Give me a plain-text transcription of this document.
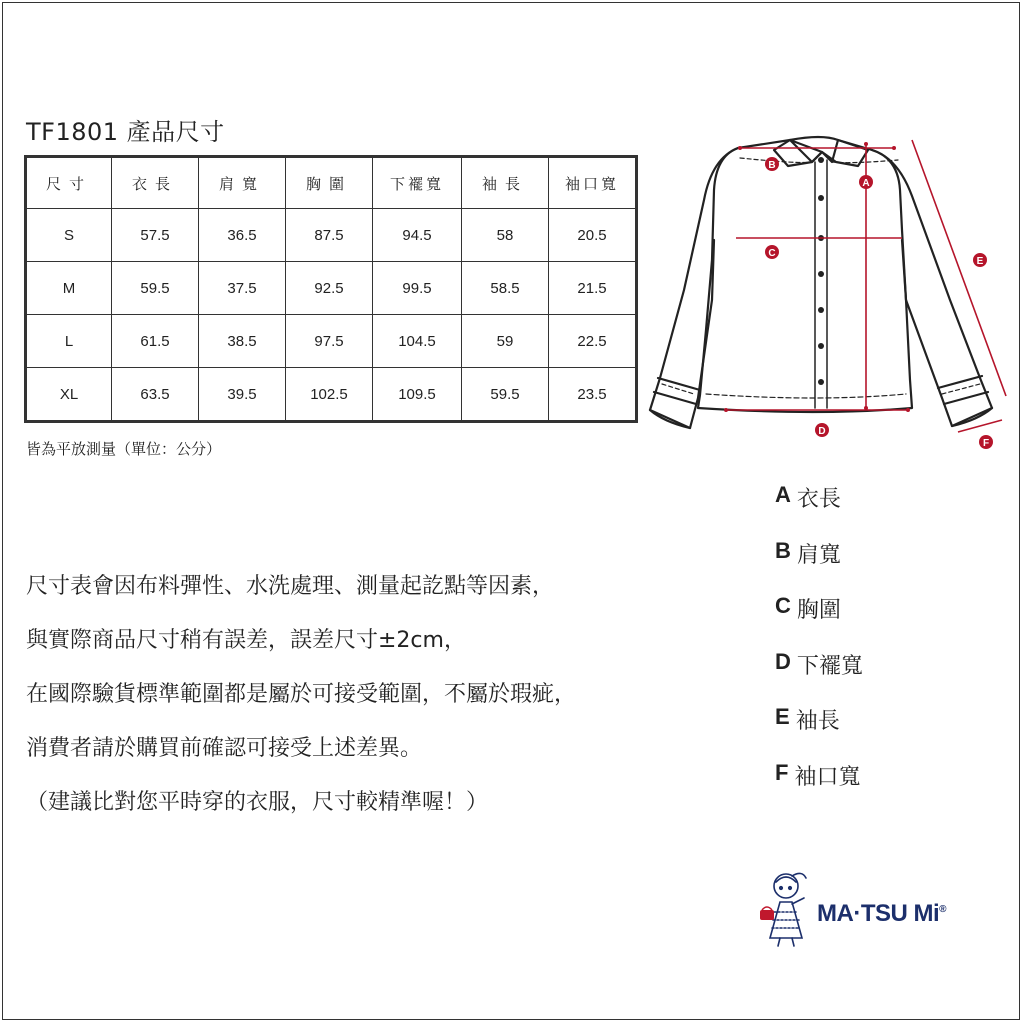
TF1801 產品尺寸
尺寸	衣長	肩寬	胸圍	下襬寬	袖長	袖口寬
S	57.5	36.5	87.5	94.5	58	20.5
M	59.5	37.5	92.5	99.5	58.5	21.5
L	61.5	38.5	97.5	104.5	59	22.5
XL	63.5	39.5	102.5	109.5	59.5	23.5
皆為平放測量（單位：公分）
尺寸表會因布料彈性、水洗處理、測量起訖點等因素，
與實際商品尺寸稍有誤差，誤差尺寸±2cm，
在國際驗貨標準範圍都是屬於可接受範圍，不屬於瑕疵，
消費者請於購買前確認可接受上述差異。
（建議比對您平時穿的衣服，尺寸較精準喔！）
A 衣長
B 肩寬
C 胸圍
D 下襬寬
E 袖長
F 袖口寬
A
B
C
D
E
F
MA·TSU Mi®
